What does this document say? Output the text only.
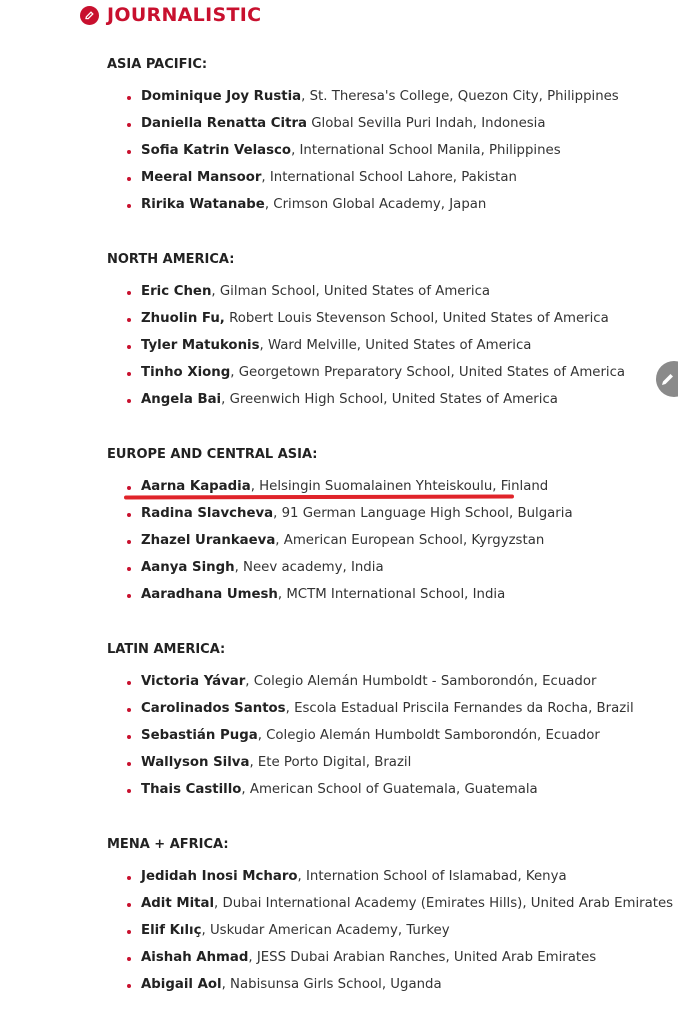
JOURNALISTIC
ASIA PACIFIC:
Dominique Joy Rustia, St. Theresa's College, Quezon City, Philippines
Daniella Renatta Citra Global Sevilla Puri Indah, Indonesia
Sofia Katrin Velasco, International School Manila, Philippines
Meeral Mansoor, International School Lahore, Pakistan
Ririka Watanabe, Crimson Global Academy, Japan
NORTH AMERICA:
Eric Chen, Gilman School, United States of America
Zhuolin Fu, Robert Louis Stevenson School, United States of America
Tyler Matukonis, Ward Melville, United States of America
Tinho Xiong, Georgetown Preparatory School, United States of America
Angela Bai, Greenwich High School, United States of America
EUROPE AND CENTRAL ASIA:
Aarna Kapadia, Helsingin Suomalainen Yhteiskoulu, Finland
Radina Slavcheva, 91 German Language High School, Bulgaria
Zhazel Urankaeva, American European School, Kyrgyzstan
Aanya Singh, Neev academy, India
Aaradhana Umesh, MCTM International School, India
LATIN AMERICA:
Victoria Yávar, Colegio Alemán Humboldt - Samborondón, Ecuador
Carolinados Santos, Escola Estadual Priscila Fernandes da Rocha, Brazil
Sebastián Puga, Colegio Alemán Humboldt Samborondón, Ecuador
Wallyson Silva, Ete Porto Digital, Brazil
Thais Castillo, American School of Guatemala, Guatemala
MENA + AFRICA:
Jedidah Inosi Mcharo, Internation School of Islamabad, Kenya
Adit Mital, Dubai International Academy (Emirates Hills), United Arab Emirates
Elif Kılıç, Uskudar American Academy, Turkey
Aishah Ahmad, JESS Dubai Arabian Ranches, United Arab Emirates
Abigail Aol, Nabisunsa Girls School, Uganda
